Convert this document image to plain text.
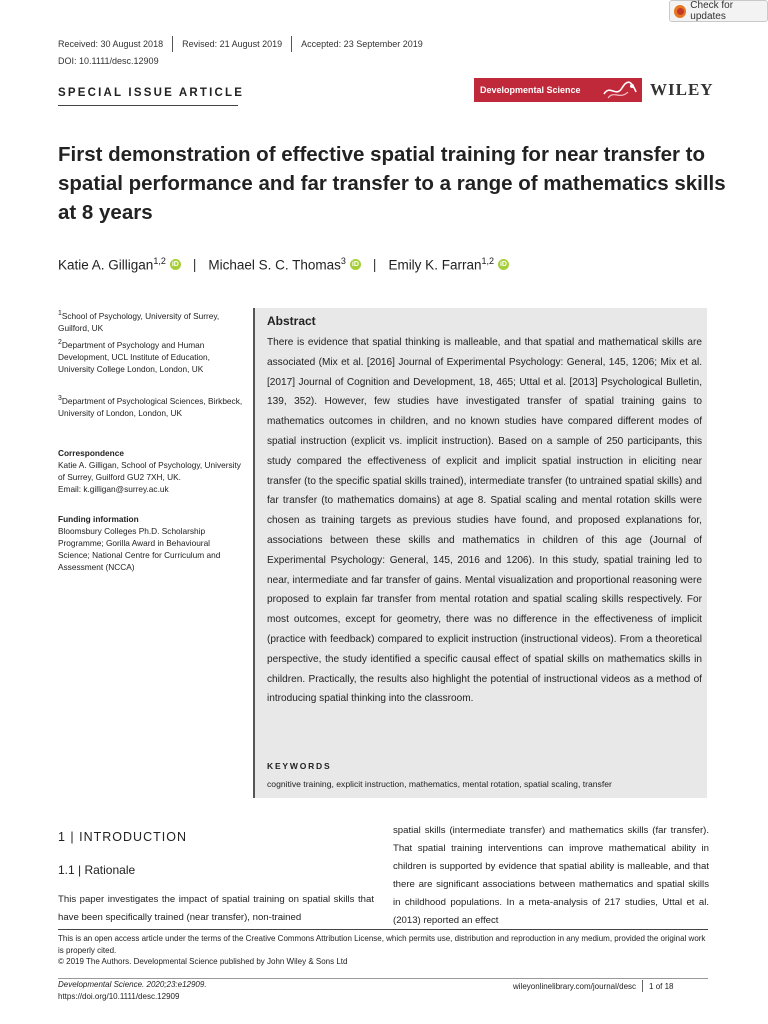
Check for updates
Received: 30 August 2018 Revised: 21 August 2019 Accepted: 23 September 2019
DOI: 10.1111/desc.12909
SPECIAL ISSUE ARTICLE	Developmental Science	WILEY
First demonstration of effective spatial training for near transfer to spatial performance and far transfer to a range of mathematics skills at 8 years
Katie A. Gilligan$^{1,2}$ iD | Michael S. C. Thomas$^3$ iD | Emily K. Farran$^{1,2}$ iD
$^1$School of Psychology, University of Surrey, Guilford, UK
$^2$Department of Psychology and Human Development, UCL Institute of Education, University College London, London, UK
$^3$Department of Psychological Sciences, Birkbeck, University of London, London, UK
Correspondence
Katie A. Gilligan, School of Psychology, University of Surrey, Guilford GU2 7XH, UK.
Email: k.gilligan@surrey.ac.uk
Funding information
Bloomsbury Colleges Ph.D. Scholarship Programme; Gorilla Award in Behavioural Science; National Centre for Curriculum and Assessment (NCCA)
Abstract
There is evidence that spatial thinking is malleable, and that spatial and mathematical skills are associated (Mix et al. [2016] Journal of Experimental Psychology: General, 145, 1206; Mix et al. [2017] Journal of Cognition and Development, 18, 465; Uttal et al. [2013] Psychological Bulletin, 139, 352). However, few studies have investigated transfer of spatial training gains to mathematics outcomes in children, and no known studies have compared different modes of spatial instruction (explicit vs. implicit instruction). Based on a sample of 250 participants, this study compared the effectiveness of explicit and implicit spatial instruction in eliciting near transfer (to the specific spatial skills trained), intermediate transfer (to untrained spatial skills) and far transfer (to mathematics domains) at age 8. Spatial scaling and mental rotation skills were chosen as training targets as previous studies have found, and proposed explanations for, associations between these skills and mathematics in children of this age (Journal of Experimental Psychology: General, 145, 2016 and 1206). In this study, spatial training led to near, intermediate and far transfer of gains. Mental visualization and proportional reasoning were proposed to explain far transfer from mental rotation and spatial scaling skills respectively. For most outcomes, except for geometry, there was no difference in the effectiveness of implicit (practice with feedback) compared to explicit instruction (instructional videos). From a theoretical perspective, the study identified a specific causal effect of spatial skills on mathematics skills in children. Practically, the results also highlight the potential of instructional videos as a method of introducing spatial thinking into the classroom.
KEYWORDS
cognitive training, explicit instruction, mathematics, mental rotation, spatial scaling, transfer
1 | INTRODUCTION
1.1 | Rationale
This paper investigates the impact of spatial training on spatial skills that have been specifically trained (near transfer), non-trained
spatial skills (intermediate transfer) and mathematics skills (far transfer). That spatial training interventions can improve mathematical ability in children is supported by evidence that spatial ability is malleable, and that there are significant associations between mathematics and spatial skills in childhood populations. In a meta-analysis of 217 studies, Uttal et al. (2013) reported an effect
This is an open access article under the terms of the Creative Commons Attribution License, which permits use, distribution and reproduction in any medium, provided the original work is properly cited.
© 2019 The Authors. Developmental Science published by John Wiley & Sons Ltd
Developmental Science. 2020;23:e12909.
https://doi.org/10.1111/desc.12909
wileyonlinelibrary.com/journal/desc 1 of 18
